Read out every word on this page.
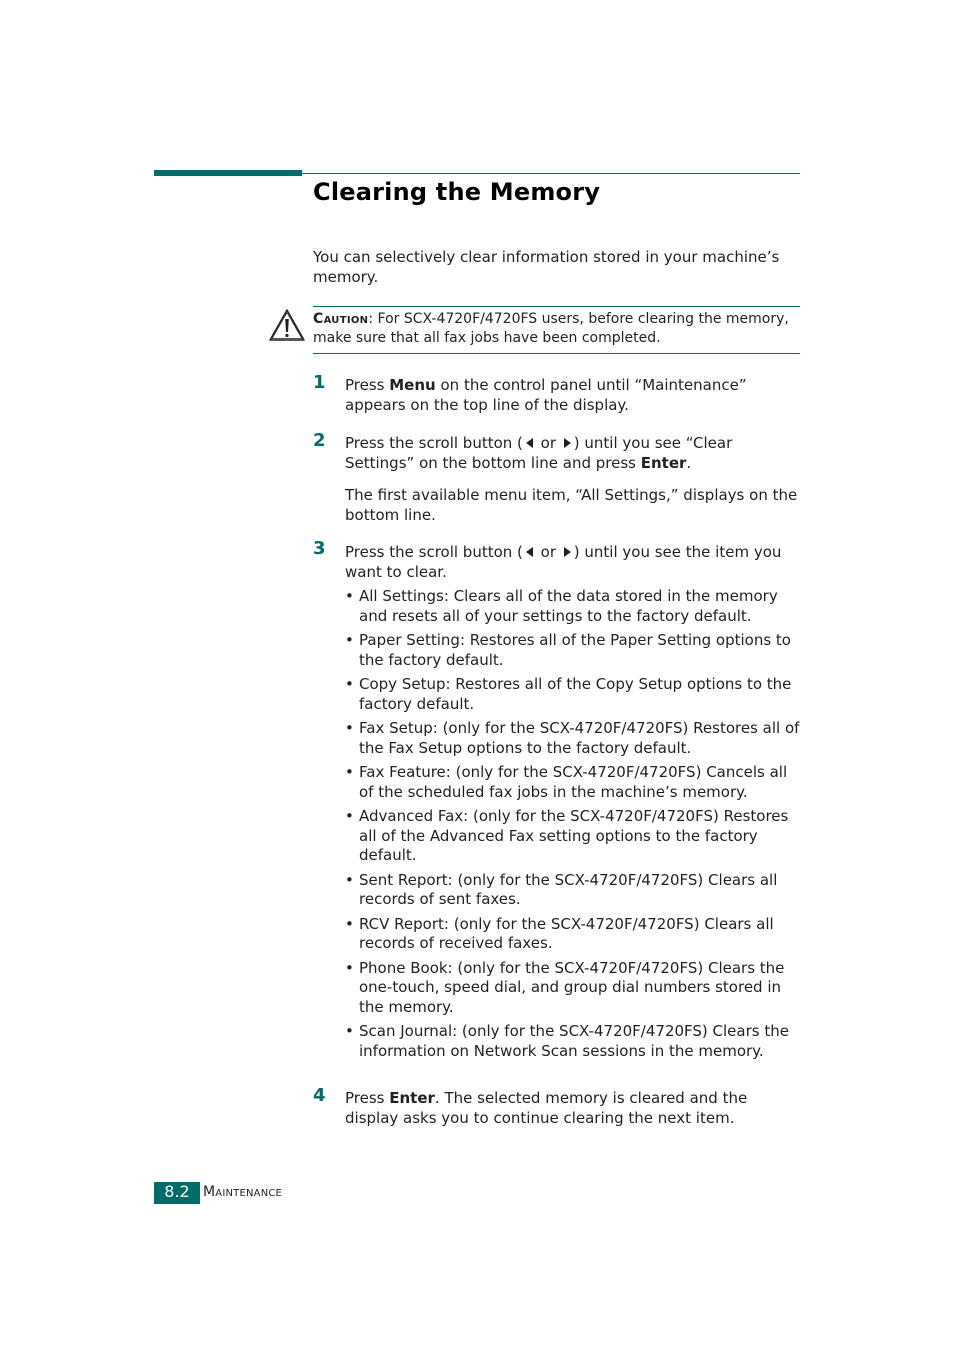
Clearing the Memory
You can selectively clear information stored in your machine’s memory.
Caution: For SCX-4720F/4720FS users, before clearing the memory, make sure that all fax jobs have been completed.
1 Press Menu on the control panel until “Maintenance” appears on the top line of the display.
2 Press the scroll button ( or ) until you see “Clear Settings” on the bottom line and press Enter.
The first available menu item, “All Settings,” displays on the bottom line.
3 Press the scroll button ( or ) until you see the item you want to clear.
• All Settings: Clears all of the data stored in the memory and resets all of your settings to the factory default.
• Paper Setting: Restores all of the Paper Setting options to the factory default.
• Copy Setup: Restores all of the Copy Setup options to the factory default.
• Fax Setup: (only for the SCX-4720F/4720FS) Restores all of the Fax Setup options to the factory default.
• Fax Feature: (only for the SCX-4720F/4720FS) Cancels all of the scheduled fax jobs in the machine’s memory.
• Advanced Fax: (only for the SCX-4720F/4720FS) Restores all of the Advanced Fax setting options to the factory default.
• Sent Report: (only for the SCX-4720F/4720FS) Clears all records of sent faxes.
• RCV Report: (only for the SCX-4720F/4720FS) Clears all records of received faxes.
• Phone Book: (only for the SCX-4720F/4720FS) Clears the one-touch, speed dial, and group dial numbers stored in the memory.
• Scan Journal: (only for the SCX-4720F/4720FS) Clears the information on Network Scan sessions in the memory.
4 Press Enter. The selected memory is cleared and the display asks you to continue clearing the next item.
8.2 Maintenance
